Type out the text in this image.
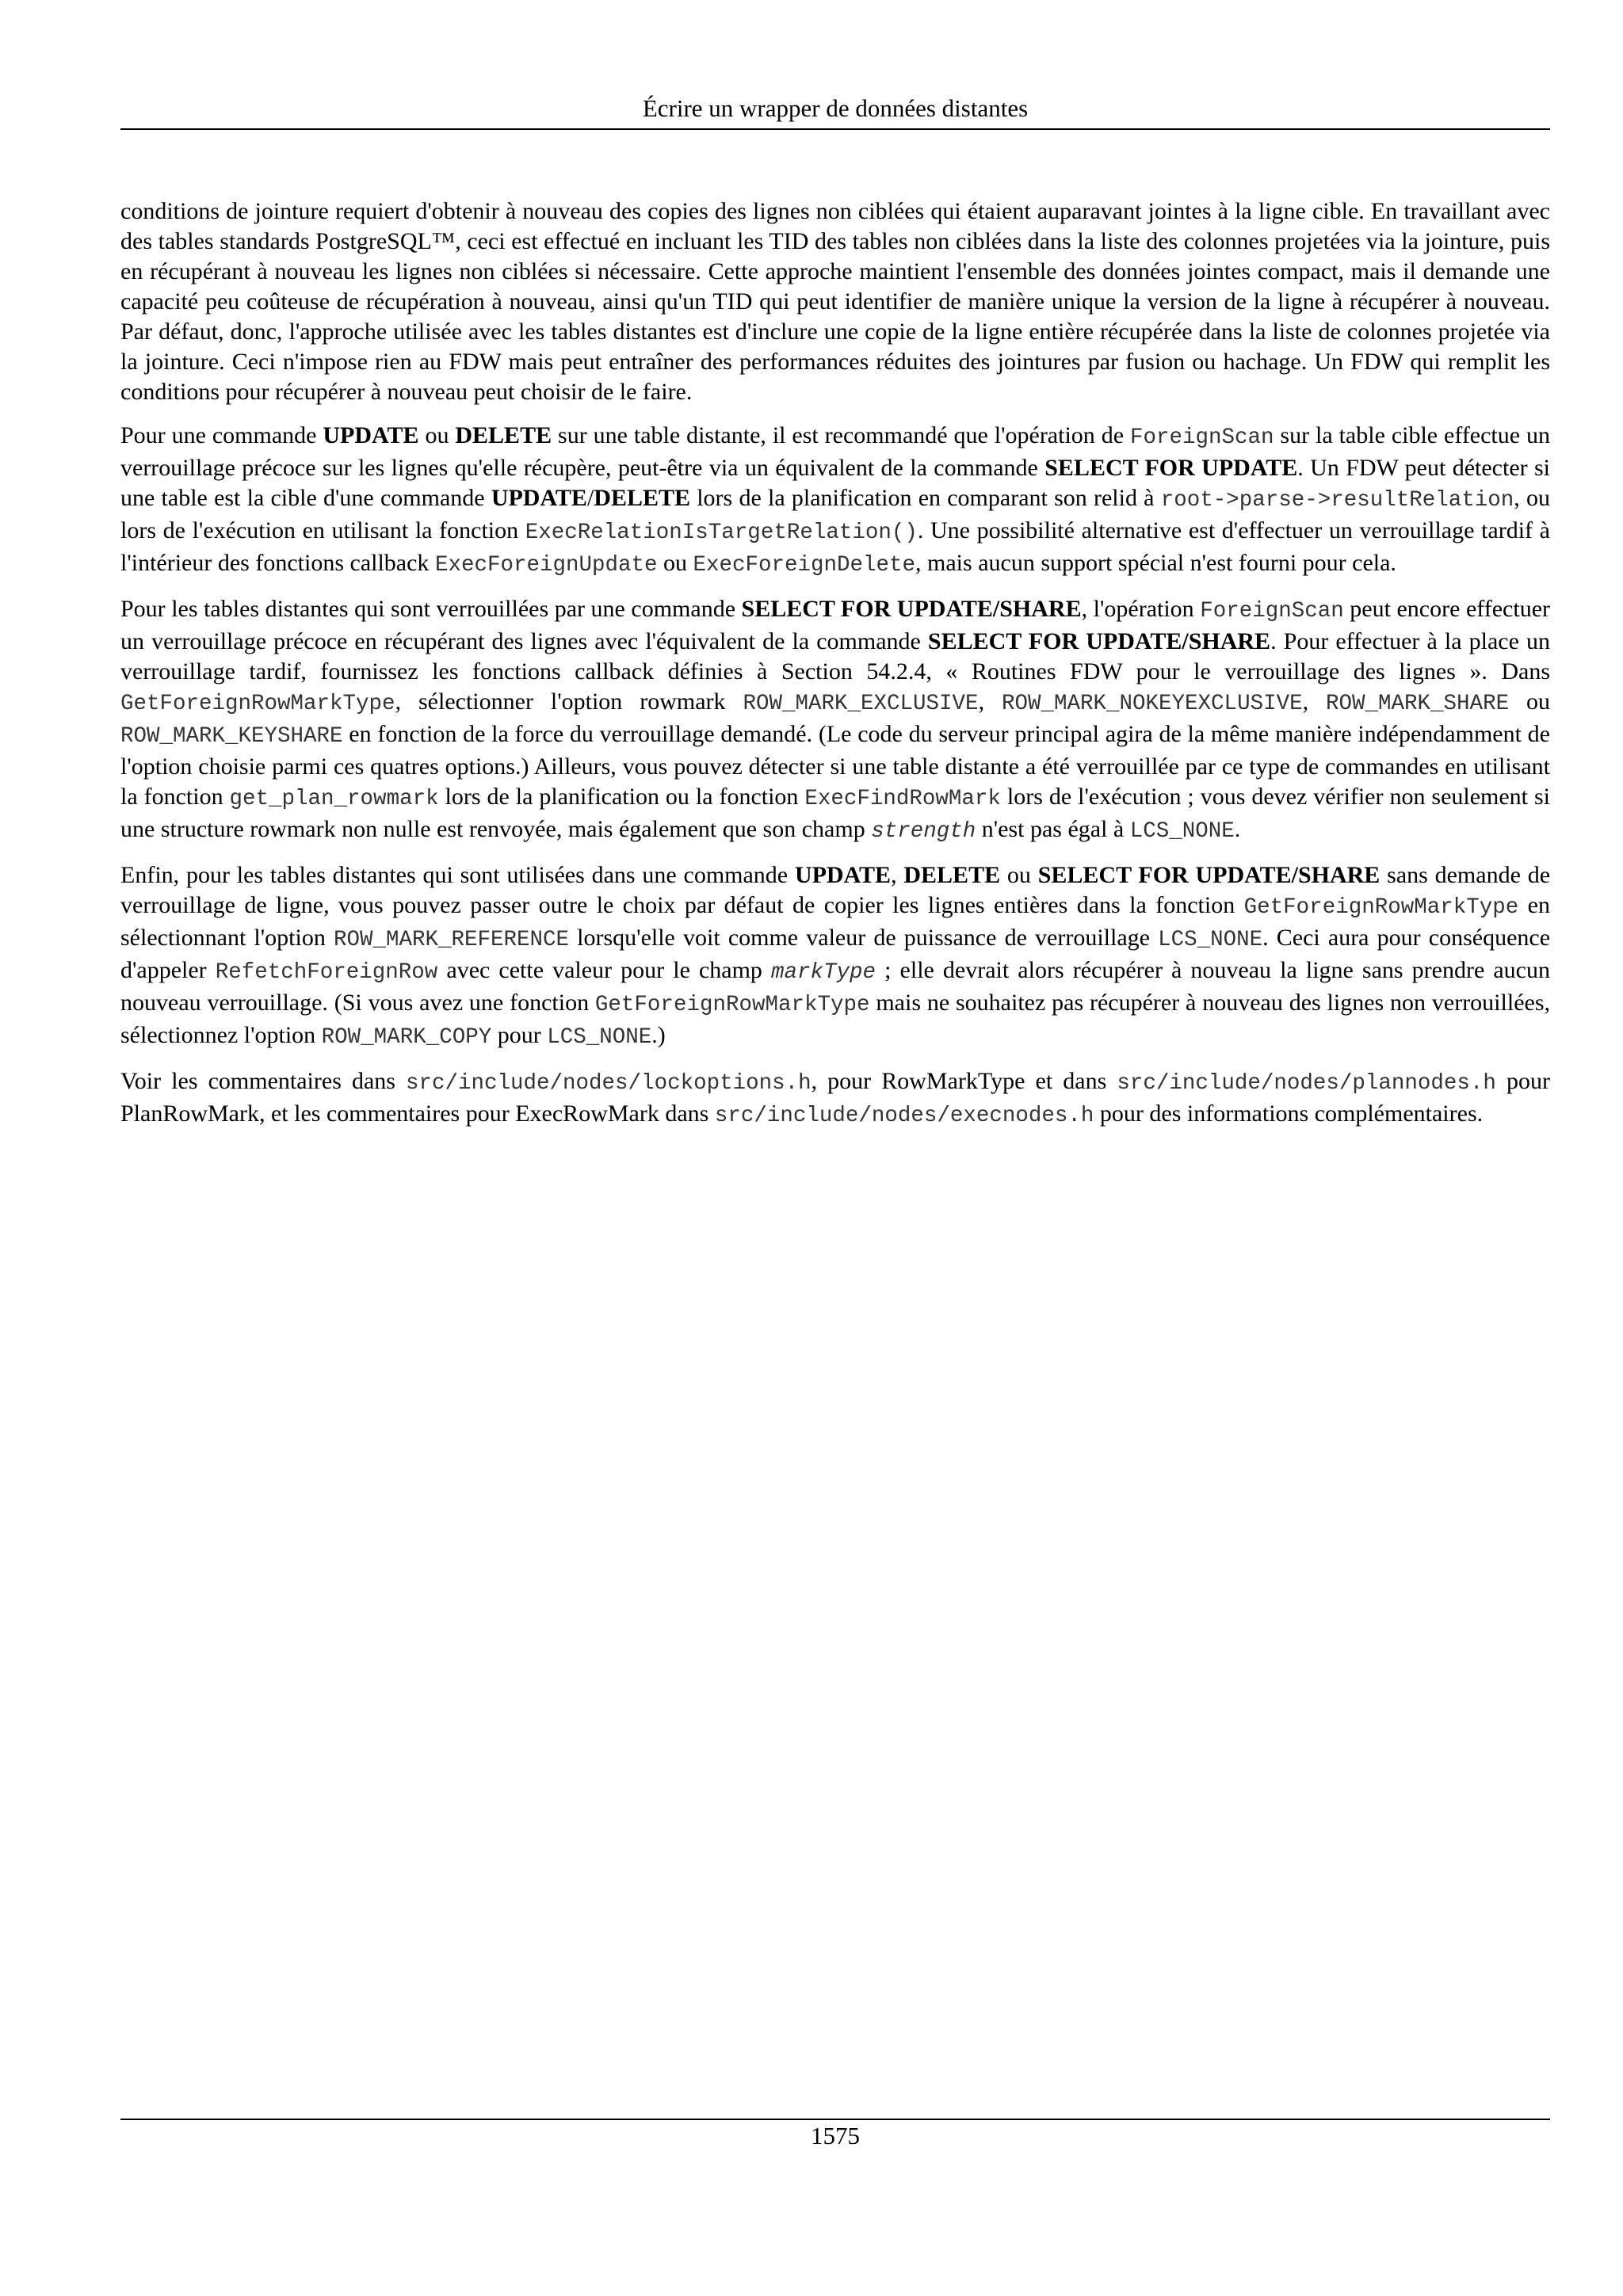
Écrire un wrapper de données distantes

conditions de jointure requiert d'obtenir à nouveau des copies des lignes non ciblées qui étaient auparavant jointes à la ligne cible. En travaillant avec des tables standards PostgreSQL™, ceci est effectué en incluant les TID des tables non ciblées dans la liste des colonnes projetées via la jointure, puis en récupérant à nouveau les lignes non ciblées si nécessaire. Cette approche maintient l'ensemble des données jointes compact, mais il demande une capacité peu coûteuse de récupération à nouveau, ainsi qu'un TID qui peut identifier de manière unique la version de la ligne à récupérer à nouveau. Par défaut, donc, l'approche utilisée avec les tables distantes est d'inclure une copie de la ligne entière récupérée dans la liste de colonnes projetée via la jointure. Ceci n'impose rien au FDW mais peut entraîner des performances réduites des jointures par fusion ou hachage. Un FDW qui remplit les conditions pour récupérer à nouveau peut choisir de le faire.

Pour une commande UPDATE ou DELETE sur une table distante, il est recommandé que l'opération de ForeignScan sur la table cible effectue un verrouillage précoce sur les lignes qu'elle récupère, peut-être via un équivalent de la commande SELECT FOR UPDATE. Un FDW peut détecter si une table est la cible d'une commande UPDATE/DELETE lors de la planification en comparant son relid à root->parse->resultRelation, ou lors de l'exécution en utilisant la fonction ExecRelationIsTargetRelation(). Une possibilité alternative est d'effectuer un verrouillage tardif à l'intérieur des fonctions callback ExecForeignUpdate ou ExecForeignDelete, mais aucun support spécial n'est fourni pour cela.

Pour les tables distantes qui sont verrouillées par une commande SELECT FOR UPDATE/SHARE, l'opération ForeignScan peut encore effectuer un verrouillage précoce en récupérant des lignes avec l'équivalent de la commande SELECT FOR UPDATE/SHARE. Pour effectuer à la place un verrouillage tardif, fournissez les fonctions callback définies à Section 54.2.4, « Routines FDW pour le verrouillage des lignes ». Dans GetForeignRowMarkType, sélectionner l'option rowmark ROW_MARK_EXCLUSIVE, ROW_MARK_NOKEYEXCLUSIVE, ROW_MARK_SHARE ou ROW_MARK_KEYSHARE en fonction de la force du verrouillage demandé. (Le code du serveur principal agira de la même manière indépendamment de l'option choisie parmi ces quatres options.) Ailleurs, vous pouvez détecter si une table distante a été verrouillée par ce type de commandes en utilisant la fonction get_plan_rowmark lors de la planification ou la fonction ExecFindRowMark lors de l'exécution ; vous devez vérifier non seulement si une structure rowmark non nulle est renvoyée, mais également que son champ strength n'est pas égal à LCS_NONE.

Enfin, pour les tables distantes qui sont utilisées dans une commande UPDATE, DELETE ou SELECT FOR UPDATE/SHARE sans demande de verrouillage de ligne, vous pouvez passer outre le choix par défaut de copier les lignes entières dans la fonction GetForeignRowMarkType en sélectionnant l'option ROW_MARK_REFERENCE lorsqu'elle voit comme valeur de puissance de verrouillage LCS_NONE. Ceci aura pour conséquence d'appeler RefetchForeignRow avec cette valeur pour le champ markType ; elle devrait alors récupérer à nouveau la ligne sans prendre aucun nouveau verrouillage. (Si vous avez une fonction GetForeignRowMarkType mais ne souhaitez pas récupérer à nouveau des lignes non verrouillées, sélectionnez l'option ROW_MARK_COPY pour LCS_NONE.)

Voir les commentaires dans src/include/nodes/lockoptions.h, pour RowMarkType et dans src/include/nodes/plannodes.h pour PlanRowMark, et les commentaires pour ExecRowMark dans src/include/nodes/execnodes.h pour des informations complémentaires.

1575
